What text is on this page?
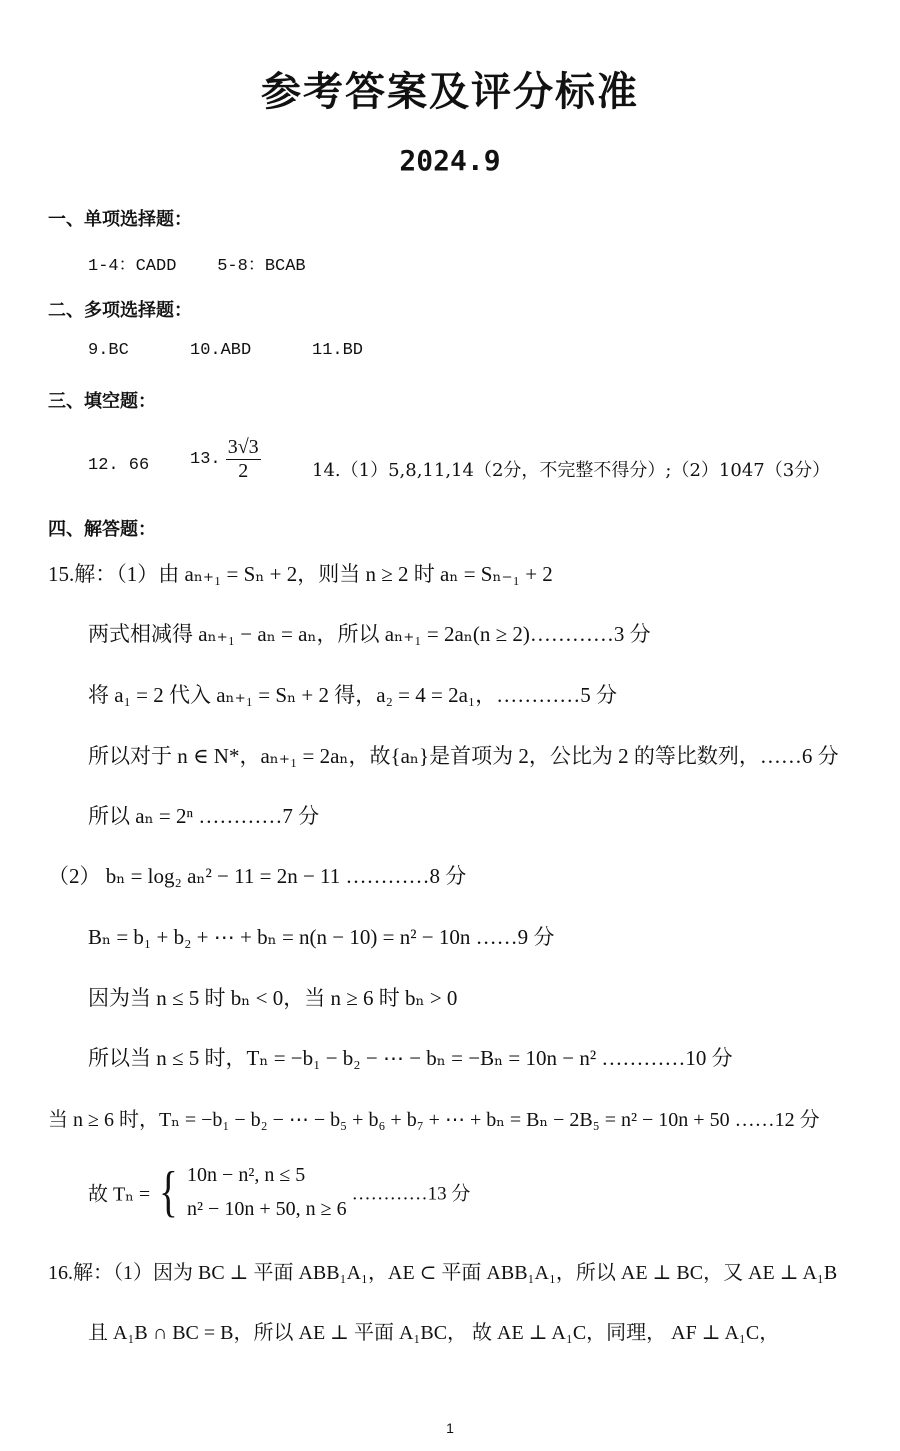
参考答案及评分标准
2024.9
一、单项选择题：
1-4：CADD    5-8：BCAB
二、多项选择题：
9.BC	10.ABD	11.BD
三、填空题：
12. 66 13. $\frac{3√3}{2}$	14.（1）5,8,11,14（2分，不完整不得分）;（2）1047（3分）
四、解答题：
15.解：（1）由 aₙ₊₁ = Sₙ + 2，则当 n ≥ 2 时 aₙ = Sₙ₋₁ + 2
两式相减得 aₙ₊₁ − aₙ = aₙ，所以 aₙ₊₁ = 2aₙ(n ≥ 2)…………3 分
将 a₁ = 2 代入 aₙ₊₁ = Sₙ + 2 得，a₂ = 4 = 2a₁，…………5 分
所以对于 n ∈ N*，aₙ₊₁ = 2aₙ，故{aₙ}是首项为 2，公比为 2 的等比数列，……6 分
所以 aₙ = 2ⁿ …………7 分
（2） bₙ = log₂ aₙ² − 11 = 2n − 11 …………8 分
Bₙ = b₁ + b₂ + ⋯ + bₙ = n(n − 10) = n² − 10n ……9 分
因为当 n ≤ 5 时 bₙ < 0，当 n ≥ 6 时 bₙ > 0
所以当 n ≤ 5 时，Tₙ = −b₁ − b₂ − ⋯ − bₙ = −Bₙ = 10n − n² …………10 分
当 n ≥ 6 时，Tₙ = −b₁ − b₂ − ⋯ − b₅ + b₆ + b₇ + ⋯ + bₙ = Bₙ − 2B₅ = n² − 10n + 50 ……12 分
故 Tₙ = { 10n − n², n ≤ 5
n² − 10n + 50, n ≥ 6
…………13 分
16.解：（1）因为 BC ⊥ 平面 ABB₁A₁，AE ⊂ 平面 ABB₁A₁，所以 AE ⊥ BC，又 AE ⊥ A₁B
且 A₁B ∩ BC = B，所以 AE ⊥ 平面 A₁BC， 故 AE ⊥ A₁C，同理， AF ⊥ A₁C，
1
